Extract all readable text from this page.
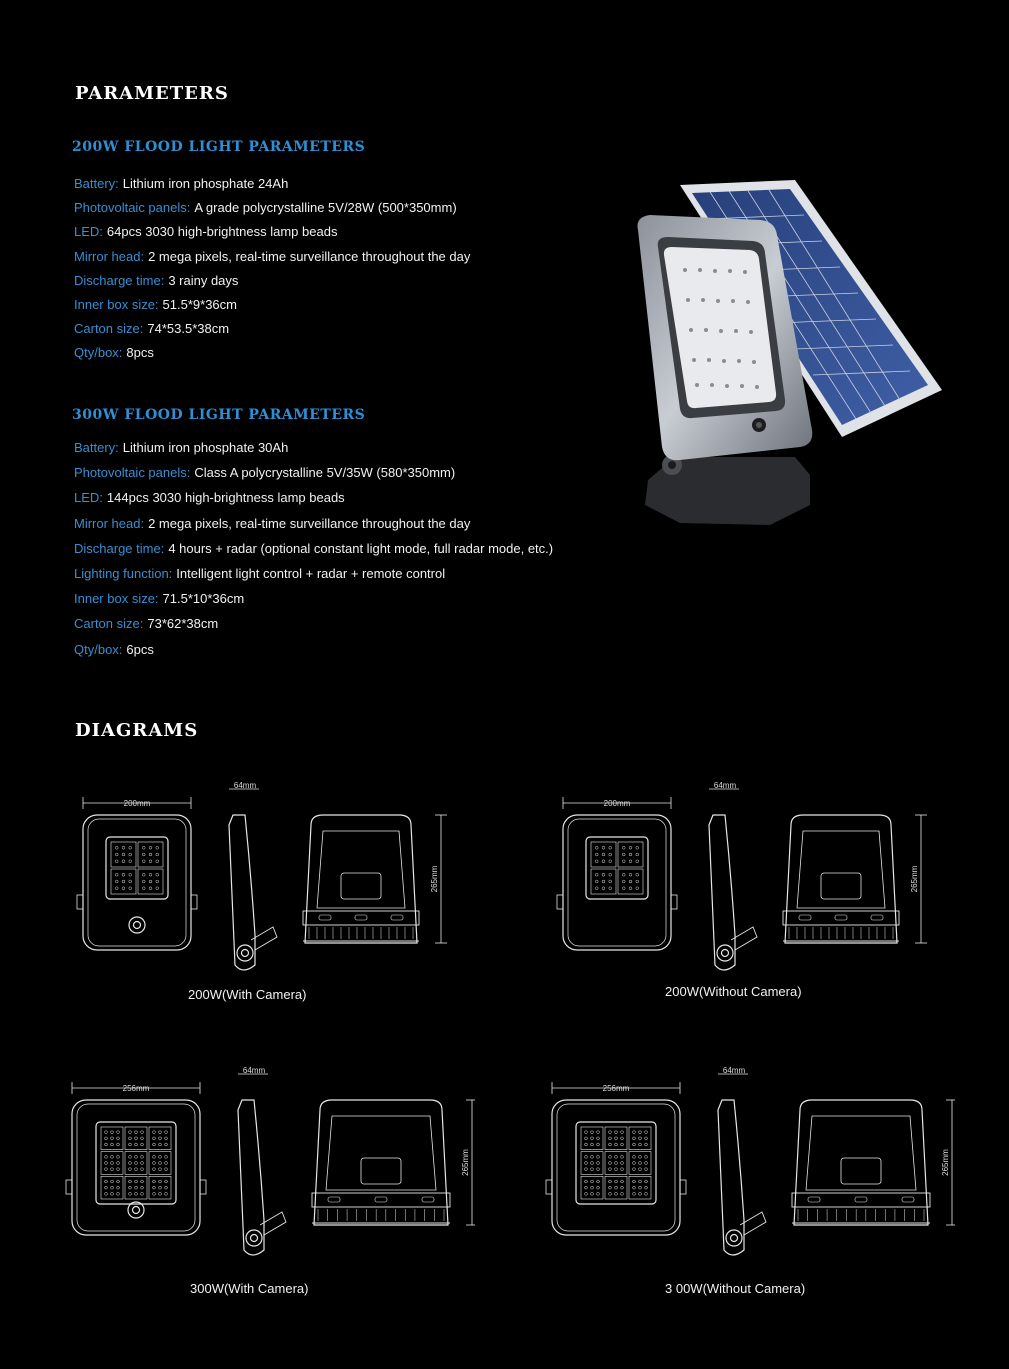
PARAMETERS
200W FLOOD LIGHT PARAMETERS
Battery: Lithium iron phosphate 24Ah
Photovoltaic panels: A grade polycrystalline 5V/28W (500*350mm)
LED: 64pcs 3030 high-brightness lamp beads
Mirror head: 2 mega pixels, real-time surveillance throughout the day
Discharge time: 3 rainy days
Inner box size: 51.5*9*36cm
Carton size: 74*53.5*38cm
Qty/box: 8pcs
300W FLOOD LIGHT PARAMETERS
Battery: Lithium iron phosphate 30Ah
Photovoltaic panels: Class A polycrystalline 5V/35W (580*350mm)
LED: 144pcs 3030 high-brightness lamp beads
Mirror head: 2 mega pixels, real-time surveillance throughout the day
Discharge time: 4 hours + radar (optional constant light mode, full radar mode, etc.)
Lighting function: Intelligent light control + radar + remote control
Inner box size: 71.5*10*36cm
Carton size: 73*62*38cm
Qty/box: 6pcs
DIAGRAMS
200mm
64mm
265mm
200W(With Camera)
200mm
64mm
265mm
200W(Without Camera)
256mm
64mm
265mm
300W(With Camera)
256mm
64mm
265mm
3 00W(Without Camera)
